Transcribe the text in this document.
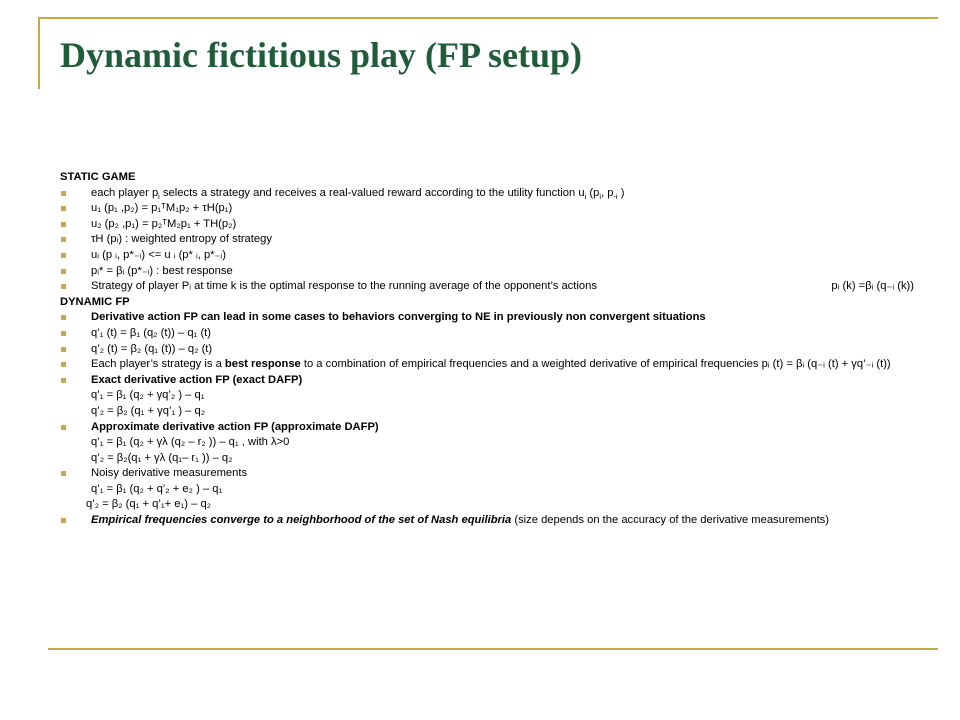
Dynamic fictitious play (FP setup)
STATIC GAME
each player $p_i$ selects a strategy and receives a real-valued reward according to the utility function $u_i$ ($p_i$, $p_{-i}$ )
u₁ (p₁ ,p₂) = p₁ᵀM₁p₂ + τH(p₁)
u₂ (p₂ ,p₁) = p₂ᵀM₂p₁ + TH(p₂)
τH (pᵢ) : weighted entropy of strategy
uᵢ (p ᵢ, p*₋ᵢ) <= u ᵢ (p* ᵢ, p*₋ᵢ)
pᵢ* = βᵢ (p*₋ᵢ) : best response
Strategy of player Pᵢ at time k is the optimal response to the running average of the opponent’s actions	pᵢ (k) =βᵢ (q₋ᵢ (k))
DYNAMIC FP
Derivative action FP can lead in some cases to behaviors converging to NE in previously non convergent situations
q’₁ (t) = β₁ (q₂ (t)) – q₁ (t)
q’₂ (t) = β₂ (q₁ (t)) – q₂ (t)
Each player’s strategy is a best response to a combination of empirical frequencies and a weighted derivative of empirical frequencies pᵢ (t) = βᵢ (q₋ᵢ (t) + γq’₋ᵢ (t))
Exact derivative action FP (exact DAFP)
q’₁ = β₁ (q₂ + γq’₂ ) – q₁
q’₂ = β₂ (q₁ + γq’₁ ) – q₂
Approximate derivative action FP (approximate DAFP)
q’₁ = β₁ (q₂ + γλ (q₂ – r₂ )) – q₁ , with λ>0
q’₂ = β₂(q₁ + γλ (q₁– r₁ )) – q₂
Noisy derivative measurements
q’₁ = β₁ (q₂ + q’₂ + e₂ ) – q₁
q’₂ = β₂ (q₁ + q’₁+ e₁) – q₂
Empirical frequencies converge to a neighborhood of the set of Nash equilibria (size depends on the accuracy of the derivative measurements)
